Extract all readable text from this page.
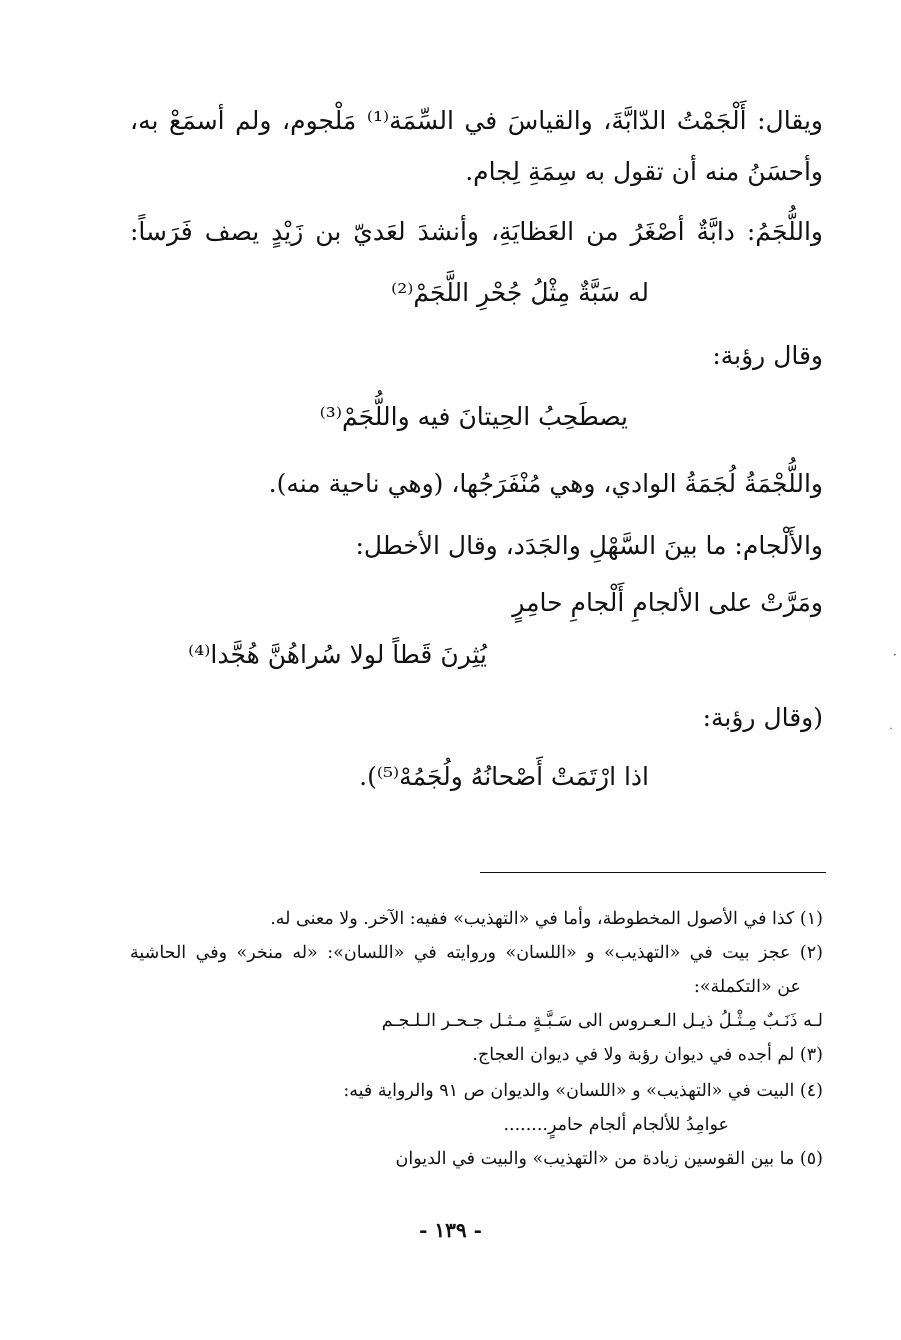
ويقال: أَلْجَمْتُ الدّابَّةَ، والقياسَ في السِّمَة⁽¹⁾ مَلْجوم، ولم أسمَعْ به،
وأحسَنُ منه أن تقول به سِمَةِ لِجام.
واللُّجَمُ: دابَّةٌ أصْغَرُ من العَظايَةِ، وأنشدَ لعَديّ بن زَيْدٍ يصف فَرَساً:
له سَبَّةٌ مِثْلُ جُحْرِ اللَّجَمْ⁽²⁾
وقال رؤبة:
يصطَحِبُ الحِيتانَ فيه واللُّجَمْ⁽³⁾
واللُّجْمَةُ لُجَمَةُ الوادي، وهي مُنْفَرَجُها، (وهي ناحية منه).
والأَلْجام: ما بينَ السَّهْلِ والجَدَد، وقال الأخطل:
ومَرَّتْ على الألجامِ أَلْجامِ حامِرٍ
يُثِرنَ قَطاً لولا سُراهُنَّ هُجَّدا⁽⁴⁾
(وقال رؤبة:
اذا ارْتَمَتْ أَصْحانُهُ ولُجَمُهْ⁽⁵⁾).
(١) كذا في الأصول المخطوطة، وأما في «التهذيب» ففيه: الآخر. ولا معنى له.
(٢) عجز بيت في «التهذيب» و «اللسان» وروايته في «اللسان»: «له منخر» وفي الحاشية
عن «التكملة»:
لـه ذَنَـبٌ مِـثْـلُ ذيـل الـعـروس الى سَـبَّـةٍ مـثـل جـحـر الـلـجـم
(٣) لم أجده في ديوان رؤبة ولا في ديوان العجاج.
(٤) البيت في «التهذيب» و «اللسان» والديوان ص ٩١ والرواية فيه:
عوامِدُ للألجام ألجام حامرٍ........
(٥) ما بين القوسين زيادة من «التهذيب» والبيت في الديوان
- ١٣٩ -
·
˙
